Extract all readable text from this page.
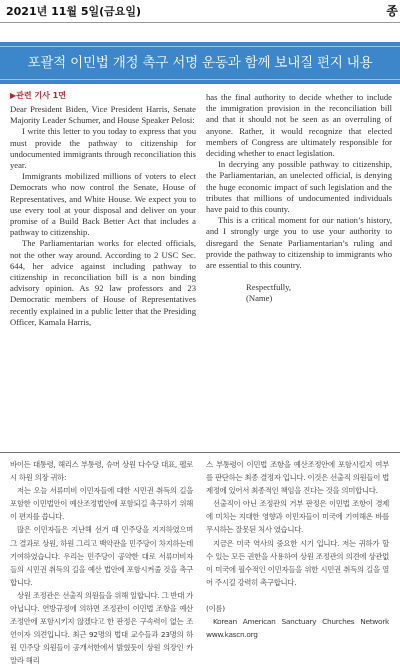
2021년 11월 5일(금요일)	종
포괄적 이민법 개정 촉구 서명 운동과 함께 보내질 편지 내용
▶관련 기사 1면

Dear President Biden, Vice President Harris, Senate Majority Leader Schumer, and House Speaker Pelosi:

I write this letter to you today to express that you must provide the pathway to citizenship for undocumented immigrants through reconciliation this year.

Immigrants mobilized millions of voters to elect Democrats who now control the Senate, House of Representatives, and White House. We expect you to use every tool at your disposal and deliver on your promise of a Build Back Better Act that includes a pathway to citizenship.

The Parliamentarian works for elected officials, not the other way around. According to 2 USC Sec. 644, her advice against including pathway to citizenship in reconciliation bill is a non binding advisory opinion. As 92 law professors and 23 Democratic members of House of Representatives recently explained in a public letter that the Presiding Officer, Kamala Harris,

has the final authority to decide whether to include the immigration provision in the reconciliation bill and that it should not be seen as an overruling of anyone. Rather, it would recognize that elected members of Congress are ultimately responsible for deciding whether to enact legislation.

In decrying any possible pathway to citizenship, the Parliamentarian, an unelected official, is denying the huge economic impact of such legislation and the tributes that millions of undocumented individuals have paid to this county.

This is a critical moment for our nation’s history, and I strongly urge you to use your authority to disregard the Senate Parliamentarian’s ruling and provide the pathway to citizenship to immigrants who are essential to this country.

Respectfully,

(Name)

바이든 대통령, 해리스 부통령, 슈머 상원 다수당 대표, 펠로시 하원 의장 귀하:

저는 오늘 서류미비 이민자들에 대한 시민권 취득의 길을 포함한 이민법안이 예산조정법안에 포함되길 촉구하기 위해 이 편지를 씁니다.

많은 이민자들은 지난해 선거 때 민주당을 지지하였으며 그 결과로 상원, 하원 그리고 백악관을 민주당이 차지하는데 기여하였습니다. 우리는 민주당이 공약한 대로 서류미비자들의 시민권 취득의 길을 예산 법안에 포함시켜줄 것을 촉구합니다.

상원 조정관은 선출직 의원들을 위해 일합니다. 그 반대 가 아닙니다. 연방규정에 의하면 조정관이 이민법 조항을 예산조정안에 포함시키지 않겠다고 한 판정은 구속력이 없는 조언이자 의견입니다. 최근 92명의 법대 교수들과 23명의 하원 민주당 의원들이 공개서한에서 밝혔듯이 상원 의장인 카말라 해리

스 부통령이 이민법 조항을 예산조정안에 포함시킬지 여부를 판단하는 최종 결정자 입니다. 이것은 선출직 의원들이 법제정에 있어서 최종적인 책임을 진다는 것을 의미합니다.

선출직이 아닌 조정관의 거부 판정은 이민법 조항이 경제에 미치는 지대한 영향과 이민자들이 미국에 기여해온 바를 무시하는 잘못된 처사 였습니다.

지금은 미국 역사의 중요한 시기 입니다. 저는 귀하가 할 수 있는 모든 권한을 사용하여 상원 조정관의 의견에 상관없이 미국에 필수적인 이민자들을 위한 시민권 취득의 길을 열어 주시길 강력히 촉구합니다.

(이름)

Korean American Sanctuary Churches Network www.kascn.org
